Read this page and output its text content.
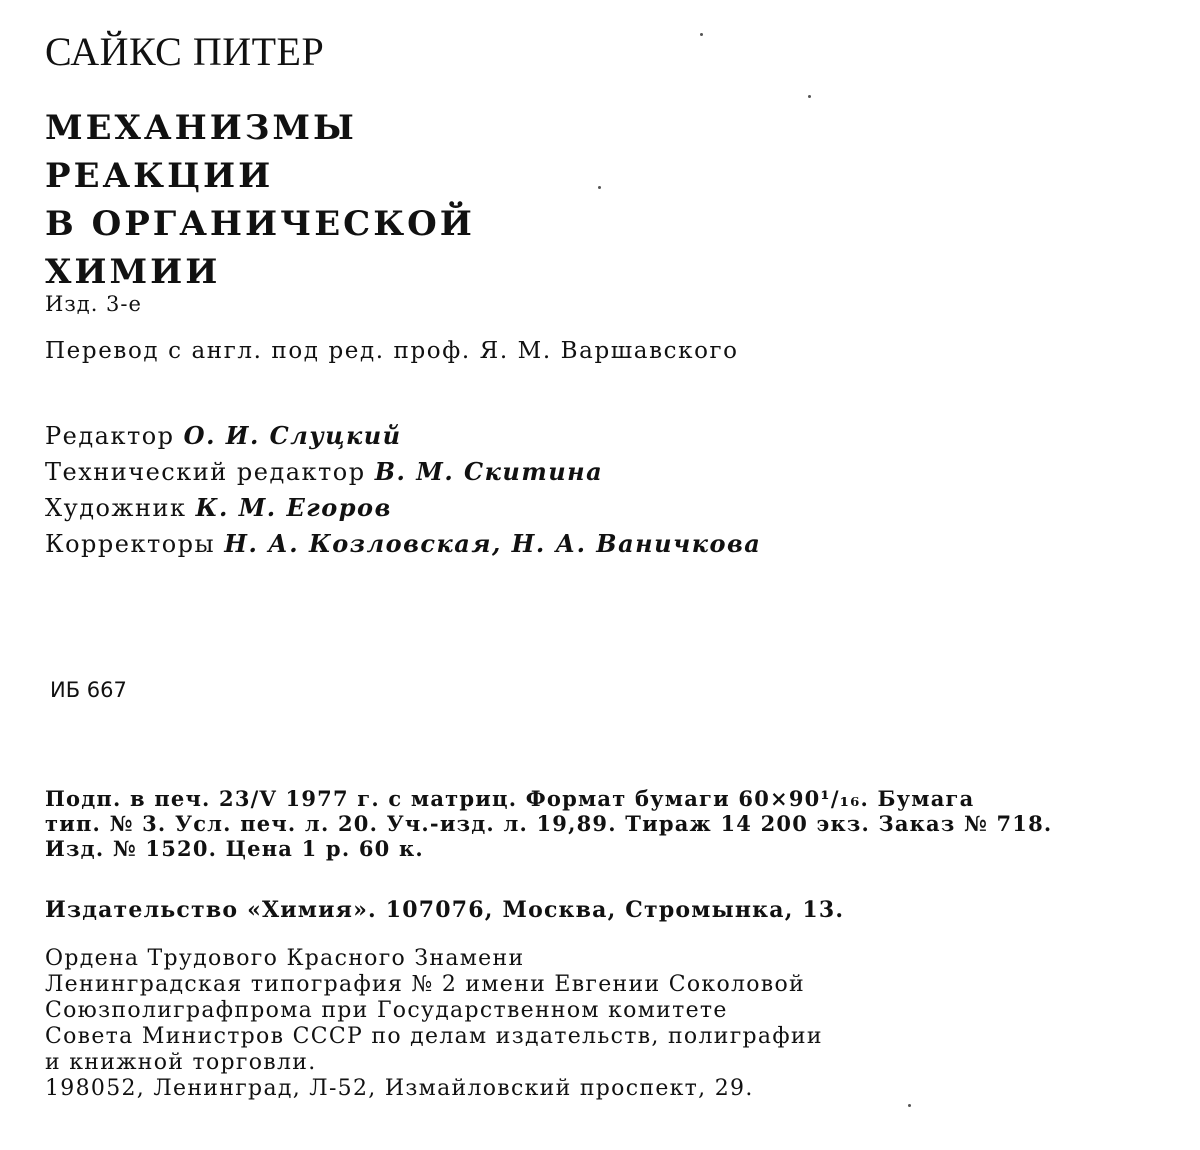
САЙКС ПИТЕР
МЕХАНИЗМЫ
РЕАКЦИИ
В ОРГАНИЧЕСКОЙ
ХИМИИ
Изд. 3-е
Перевод с англ. под ред. проф. Я. М. Варшавского
Редактор О. И. Слуцкий
Технический редактор В. М. Скитина
Художник К. М. Егоров
Корректоры Н. А. Козловская, Н. А. Ваничкова
ИБ 667
Подп. в печ. 23/V 1977 г. с матриц. Формат бумаги 60×90¹/₁₆. Бумага
тип. № 3. Усл. печ. л. 20. Уч.-изд. л. 19,89. Тираж 14 200 экз. Заказ № 718.
Изд. № 1520. Цена 1 р. 60 к.
Издательство «Химия». 107076, Москва, Стромынка, 13.
Ордена Трудового Красного Знамени
Ленинградская типография № 2 имени Евгении Соколовой
Союзполиграфпрома при Государственном комитете
Совета Министров СССР по делам издательств, полиграфии
и книжной торговли.
198052, Ленинград, Л-52, Измайловский проспект, 29.
